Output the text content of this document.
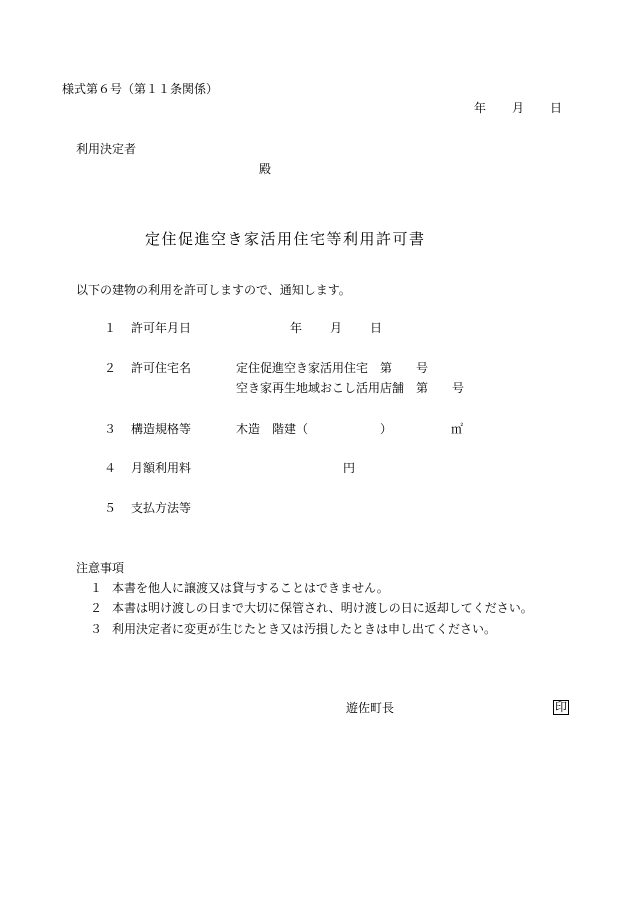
様式第６号（第１１条関係）
年 月 日
利用決定者
殿
定住促進空き家活用住宅等利用許可書
以下の建物の利用を許可しますので、通知します。
１ 許可年月日	年 月 日
２ 許可住宅名	定住促進空き家活用住宅　第　　号
空き家再生地域おこし活用店舗　第　　号
３ 構造規格等	木造　階建（	）	㎡
４ 月額利用料	円
５ 支払方法等
注意事項
１ 本書を他人に譲渡又は貸与することはできません。
２ 本書は明け渡しの日まで大切に保管され、明け渡しの日に返却してください。
３ 利用決定者に変更が生じたとき又は汚損したときは申し出てください。
遊佐町長	印
